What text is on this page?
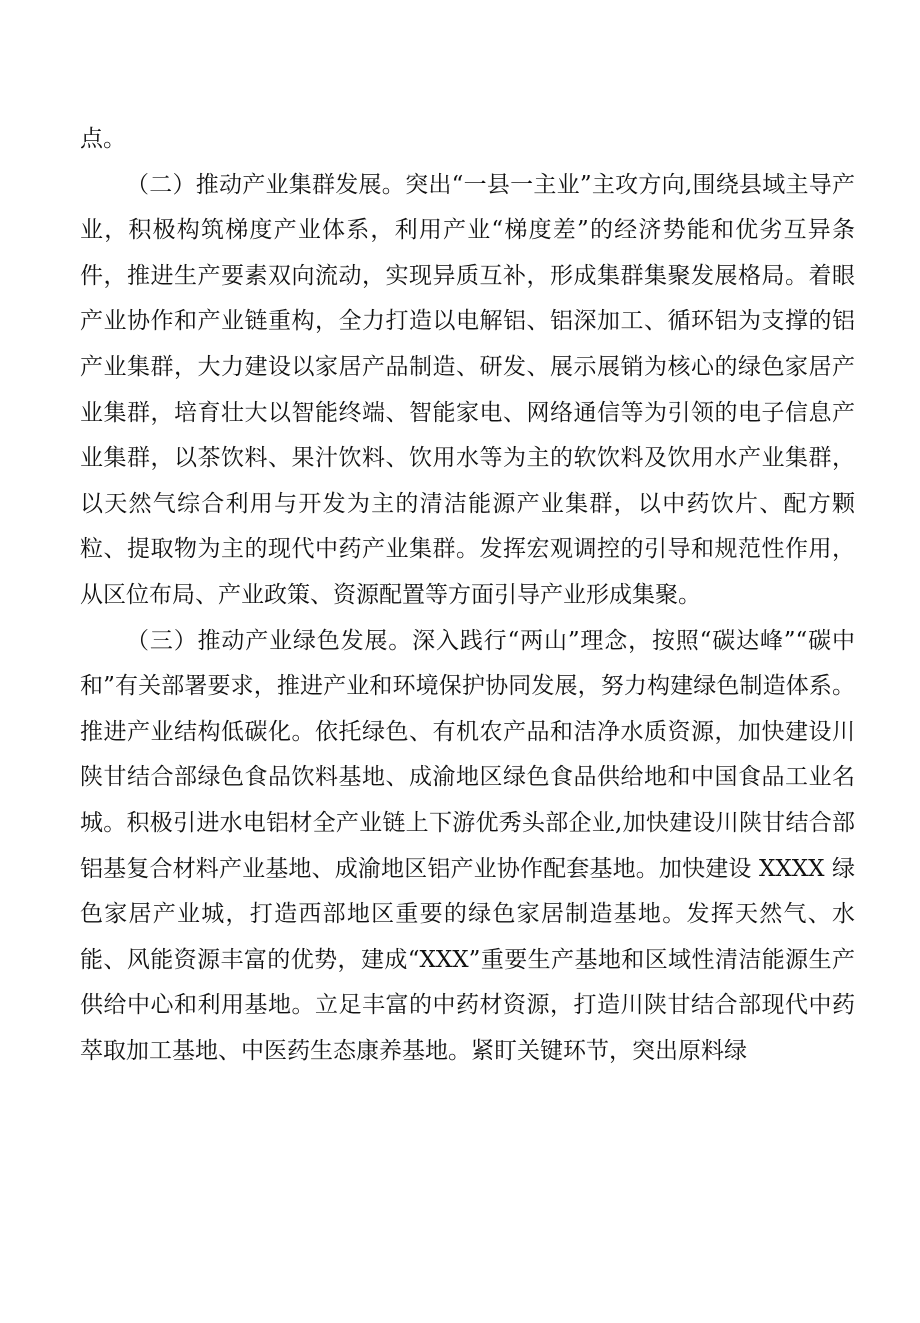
点。

（二）推动产业集群发展。突出“一县一主业”主攻方向,围绕县域主导产业，积极构筑梯度产业体系，利用产业“梯度差”的经济势能和优劣互异条件，推进生产要素双向流动，实现异质互补，形成集群集聚发展格局。着眼产业协作和产业链重构，全力打造以电解铝、铝深加工、循环铝为支撑的铝产业集群，大力建设以家居产品制造、研发、展示展销为核心的绿色家居产业集群，培育壮大以智能终端、智能家电、网络通信等为引领的电子信息产业集群，以茶饮料、果汁饮料、饮用水等为主的软饮料及饮用水产业集群，以天然气综合利用与开发为主的清洁能源产业集群，以中药饮片、配方颗粒、提取物为主的现代中药产业集群。发挥宏观调控的引导和规范性作用，从区位布局、产业政策、资源配置等方面引导产业形成集聚。

（三）推动产业绿色发展。深入践行“两山”理念，按照“碳达峰”“碳中和”有关部署要求，推进产业和环境保护协同发展，努力构建绿色制造体系。推进产业结构低碳化。依托绿色、有机农产品和洁净水质资源，加快建设川陕甘结合部绿色食品饮料基地、成渝地区绿色食品供给地和中国食品工业名城。积极引进水电铝材全产业链上下游优秀头部企业,加快建设川陕甘结合部铝基复合材料产业基地、成渝地区铝产业协作配套基地。加快建设 XXXX 绿色家居产业城，打造西部地区重要的绿色家居制造基地。发挥天然气、水能、风能资源丰富的优势，建成“XXX”重要生产基地和区域性清洁能源生产供给中心和利用基地。立足丰富的中药材资源，打造川陕甘结合部现代中药萃取加工基地、中医药生态康养基地。紧盯关键环节，突出原料绿
